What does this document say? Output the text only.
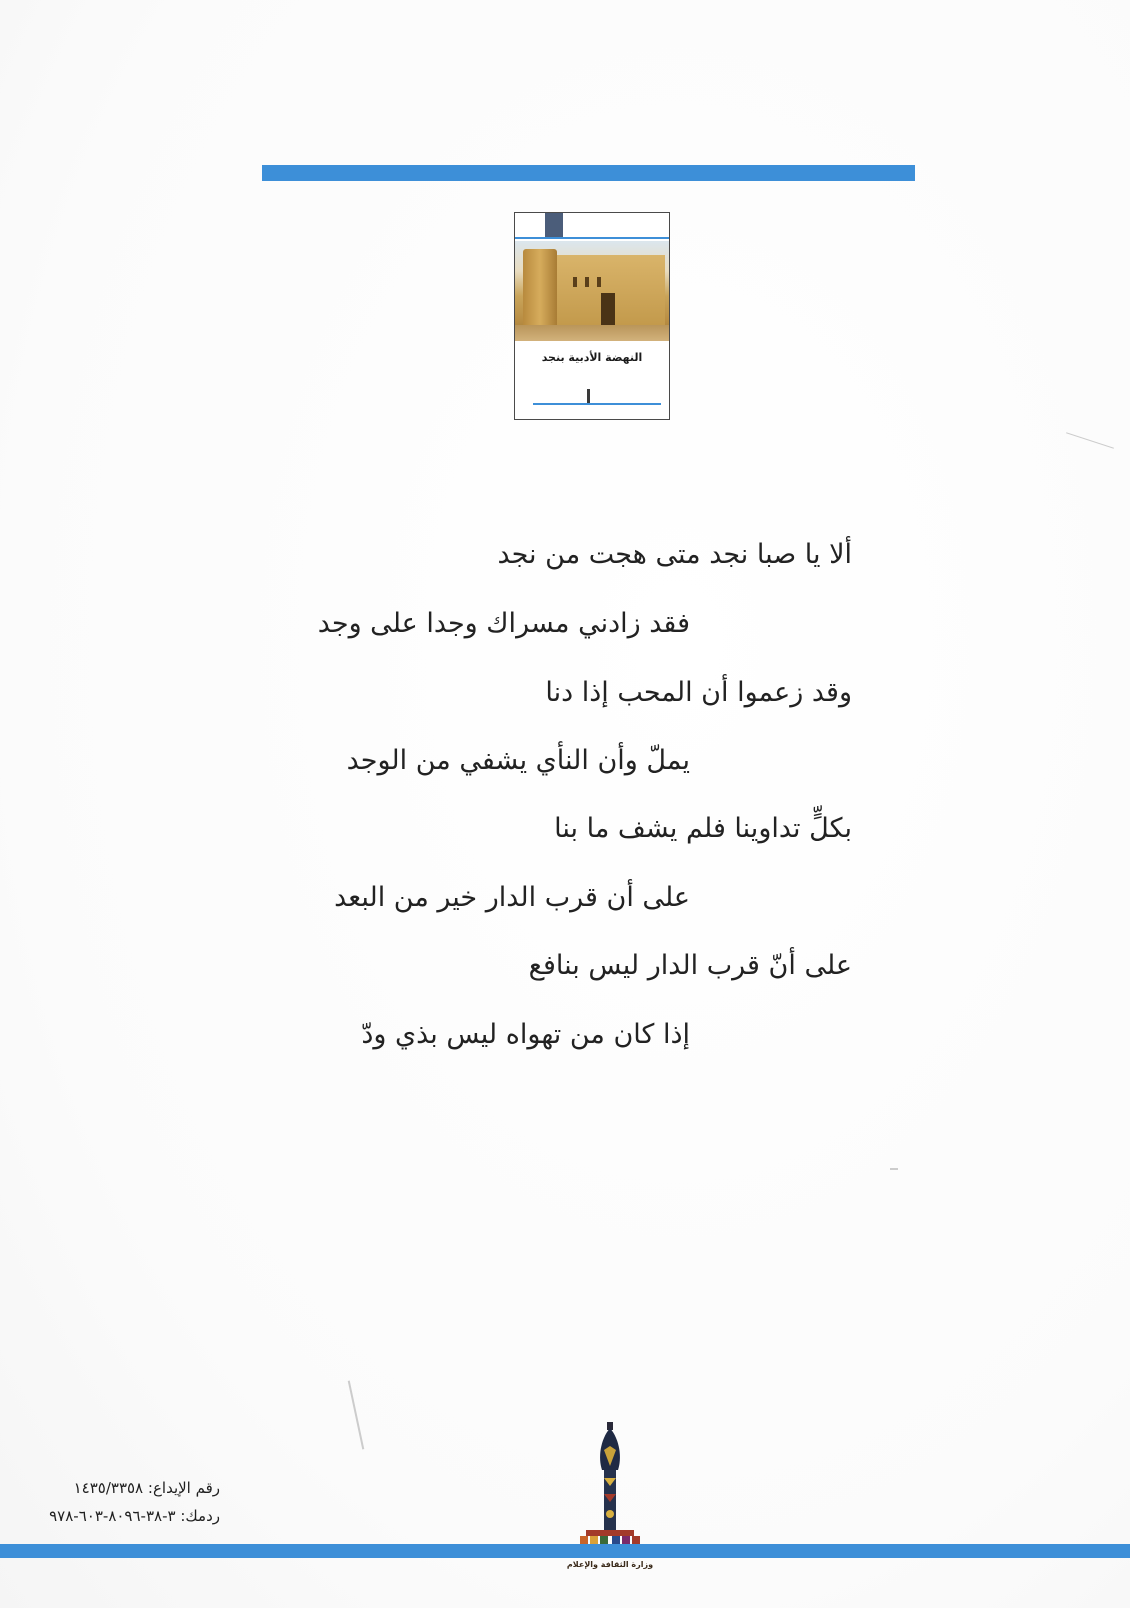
النهضة الأدبية بنجد
ألا يا صبا نجد متى هجت من نجد
فقد زادني مسراك وجدا على وجد
وقد زعموا أن المحب إذا دنا
يملّ وأن النأي يشفي من الوجد
بكلٍّ تداوينا فلم يشف ما بنا
على أن قرب الدار خير من البعد
على أنّ قرب الدار ليس بنافع
إذا كان من تهواه ليس بذي ودّ
رقم الإيداع: ١٤٣٥/٣٣٥٨
ردمك: ٣-٣٨-٨٠٩٦-٦٠٣-٩٧٨
وزارة الثقافة والإعلام
